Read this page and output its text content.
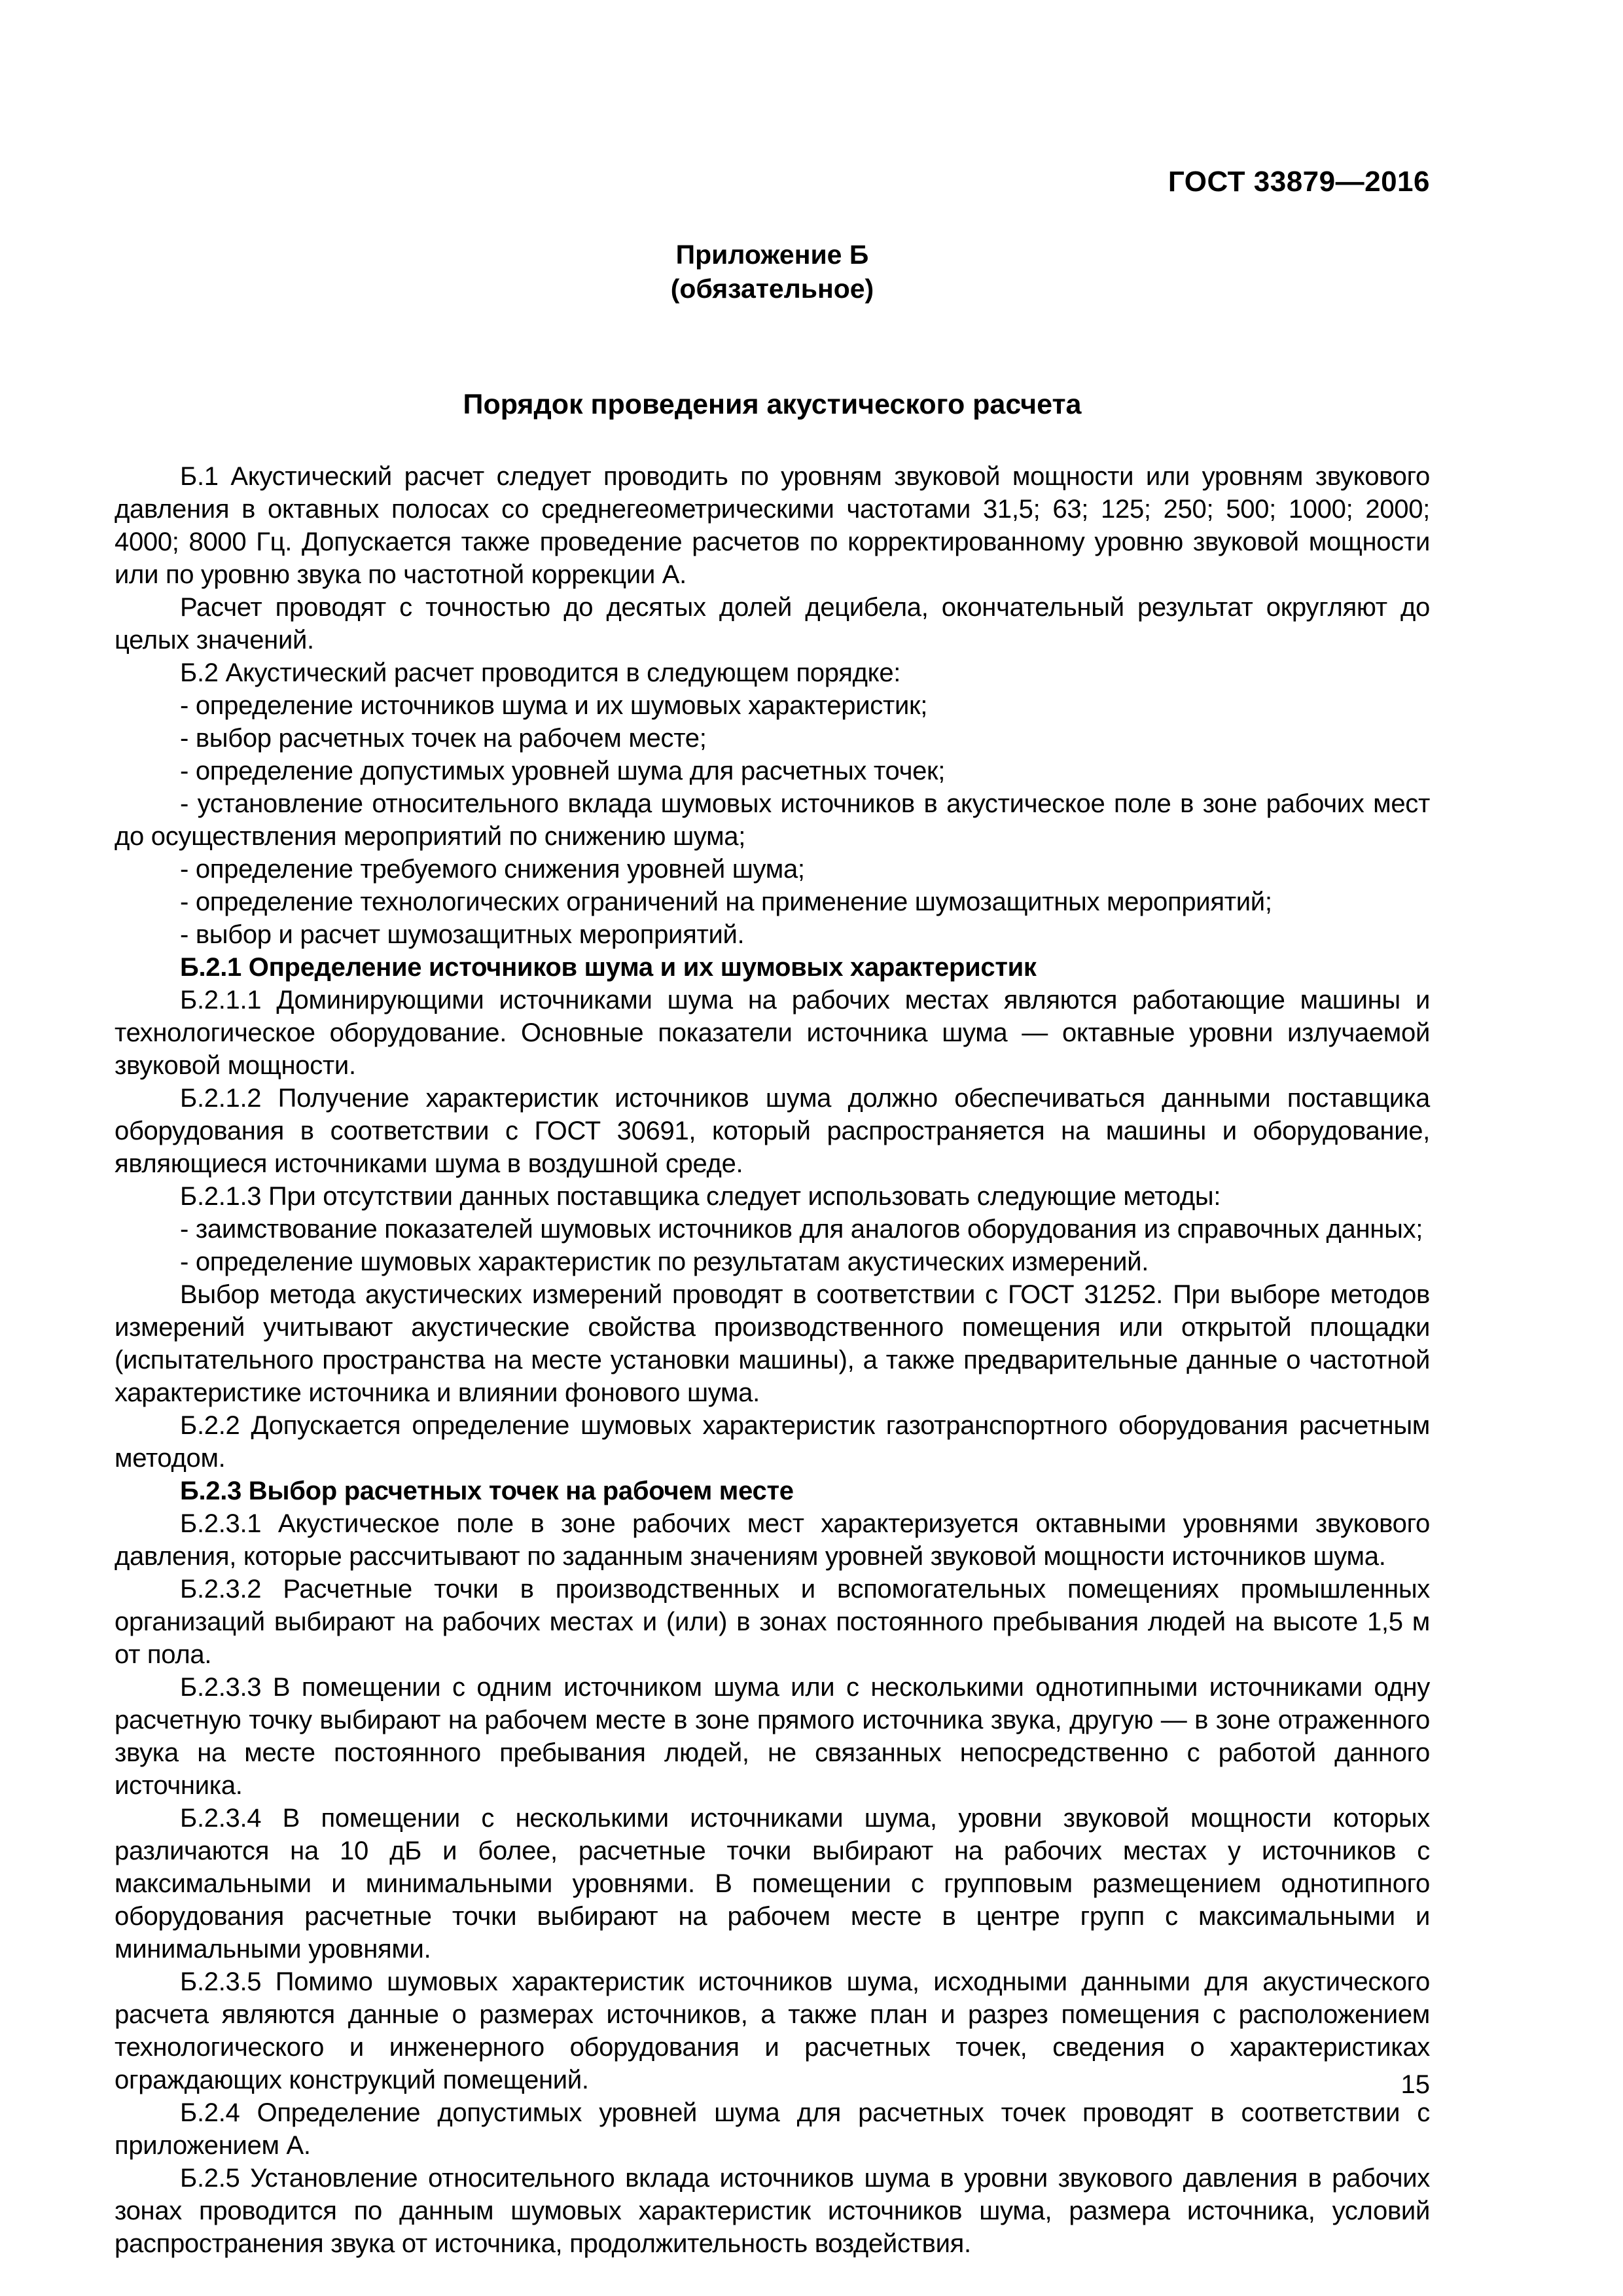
ГОСТ 33879—2016
Приложение Б
(обязательное)
Порядок проведения акустического расчета

Б.1 Акустический расчет следует проводить по уровням звуковой мощности или уровням звукового давления в октавных полосах со среднегеометрическими частотами 31,5; 63; 125; 250; 500; 1000; 2000; 4000; 8000 Гц. Допускается также проведение расчетов по корректированному уровню звуковой мощности или по уровню звука по частотной коррекции А.

Расчет проводят с точностью до десятых долей децибела, окончательный результат округляют до целых значений.

Б.2 Акустический расчет проводится в следующем порядке:

- определение источников шума и их шумовых характеристик;

- выбор расчетных точек на рабочем месте;

- определение допустимых уровней шума для расчетных точек;

- установление относительного вклада шумовых источников в акустическое поле в зоне рабочих мест до осуществления мероприятий по снижению шума;

- определение требуемого снижения уровней шума;

- определение технологических ограничений на применение шумозащитных мероприятий;

- выбор и расчет шумозащитных мероприятий.

Б.2.1 Определение источников шума и их шумовых характеристик

Б.2.1.1 Доминирующими источниками шума на рабочих местах являются работающие машины и технологическое оборудование. Основные показатели источника шума — октавные уровни излучаемой звуковой мощности.

Б.2.1.2 Получение характеристик источников шума должно обеспечиваться данными поставщика оборудования в соответствии с ГОСТ 30691, который распространяется на машины и оборудование, являющиеся источниками шума в воздушной среде.

Б.2.1.3 При отсутствии данных поставщика следует использовать следующие методы:

- заимствование показателей шумовых источников для аналогов оборудования из справочных данных;

- определение шумовых характеристик по результатам акустических измерений.

Выбор метода акустических измерений проводят в соответствии с ГОСТ 31252. При выборе методов измерений учитывают акустические свойства производственного помещения или открытой площадки (испытательного пространства на месте установки машины), а также предварительные данные о частотной характеристике источника и влиянии фонового шума.

Б.2.2 Допускается определение шумовых характеристик газотранспортного оборудования расчетным методом.

Б.2.3 Выбор расчетных точек на рабочем месте

Б.2.3.1 Акустическое поле в зоне рабочих мест характеризуется октавными уровнями звукового давления, которые рассчитывают по заданным значениям уровней звуковой мощности источников шума.

Б.2.3.2 Расчетные точки в производственных и вспомогательных помещениях промышленных организаций выбирают на рабочих местах и (или) в зонах постоянного пребывания людей на высоте 1,5 м от пола.

Б.2.3.3 В помещении с одним источником шума или с несколькими однотипными источниками одну расчетную точку выбирают на рабочем месте в зоне прямого источника звука, другую — в зоне отраженного звука на месте постоянного пребывания людей, не связанных непосредственно с работой данного источника.

Б.2.3.4 В помещении с несколькими источниками шума, уровни звуковой мощности которых различаются на 10 дБ и более, расчетные точки выбирают на рабочих местах у источников с максимальными и минимальными уровнями. В помещении с групповым размещением однотипного оборудования расчетные точки выбирают на рабочем месте в центре групп с максимальными и минимальными уровнями.

Б.2.3.5 Помимо шумовых характеристик источников шума, исходными данными для акустического расчета являются данные о размерах источников, а также план и разрез помещения с расположением технологического и инженерного оборудования и расчетных точек, сведения о характеристиках ограждающих конструкций помещений.

Б.2.4 Определение допустимых уровней шума для расчетных точек проводят в соответствии с приложением А.

Б.2.5 Установление относительного вклада источников шума в уровни звукового давления в рабочих зонах проводится по данным шумовых характеристик источников шума, размера источника, условий распространения звука от источника, продолжительность воздействия.

15
